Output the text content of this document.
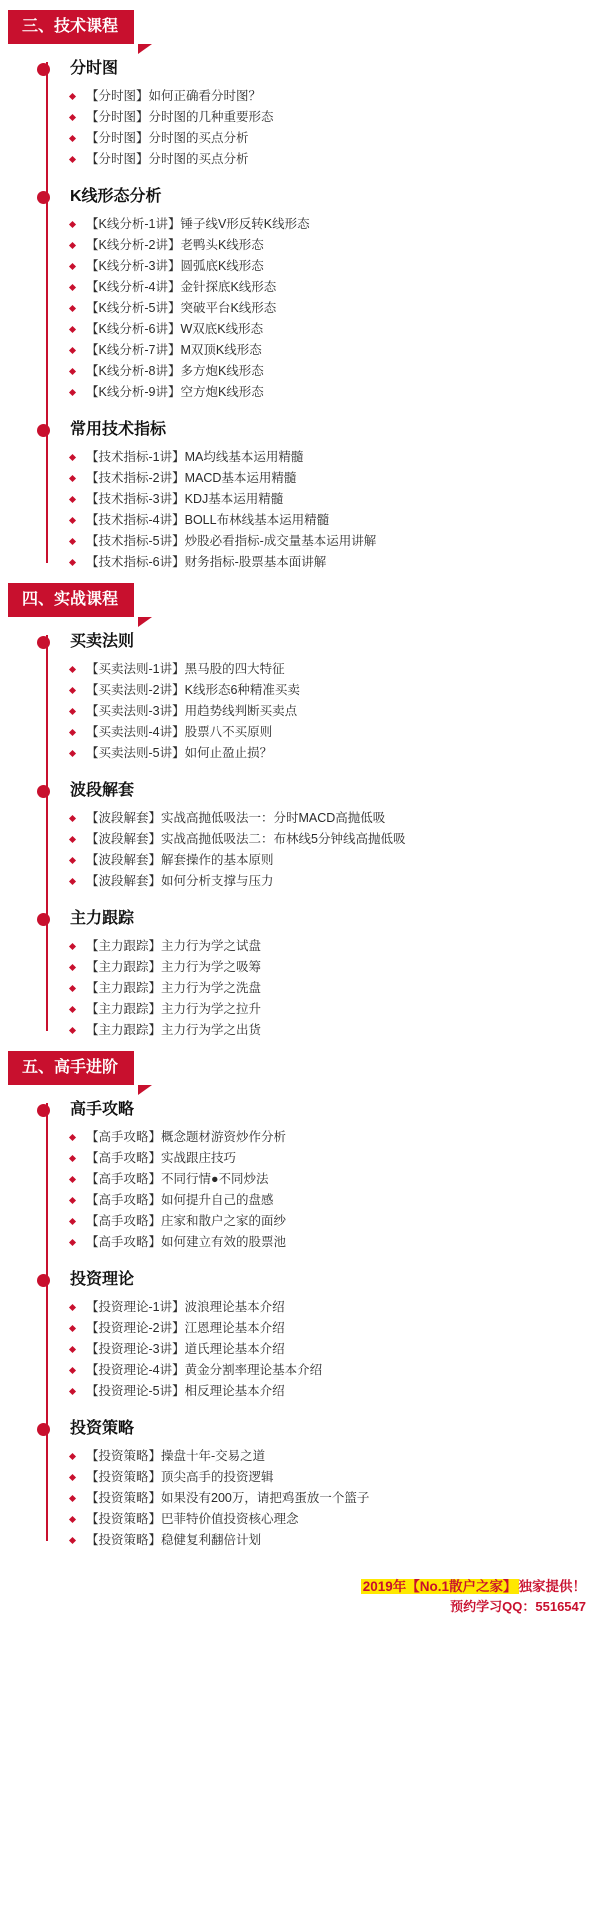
三、技术课程
分时图
【分时图】如何正确看分时图？
【分时图】分时图的几种重要形态
【分时图】分时图的买点分析
【分时图】分时图的买点分析
K线形态分析
【K线分析-1讲】锤子线V形反转K线形态
【K线分析-2讲】老鸭头K线形态
【K线分析-3讲】圆弧底K线形态
【K线分析-4讲】金针探底K线形态
【K线分析-5讲】突破平台K线形态
【K线分析-6讲】W双底K线形态
【K线分析-7讲】M双顶K线形态
【K线分析-8讲】多方炮K线形态
【K线分析-9讲】空方炮K线形态
常用技术指标
【技术指标-1讲】MA均线基本运用精髓
【技术指标-2讲】MACD基本运用精髓
【技术指标-3讲】KDJ基本运用精髓
【技术指标-4讲】BOLL布林线基本运用精髓
【技术指标-5讲】炒股必看指标-成交量基本运用讲解
【技术指标-6讲】财务指标-股票基本面讲解
四、实战课程
买卖法则
【买卖法则-1讲】黑马股的四大特征
【买卖法则-2讲】K线形态6种精准买卖
【买卖法则-3讲】用趋势线判断买卖点
【买卖法则-4讲】股票八不买原则
【买卖法则-5讲】如何止盈止损？
波段解套
【波段解套】实战高抛低吸法一：分时MACD高抛低吸
【波段解套】实战高抛低吸法二：布林线5分钟线高抛低吸
【波段解套】解套操作的基本原则
【波段解套】如何分析支撑与压力
主力跟踪
【主力跟踪】主力行为学之试盘
【主力跟踪】主力行为学之吸筹
【主力跟踪】主力行为学之洗盘
【主力跟踪】主力行为学之拉升
【主力跟踪】主力行为学之出货
五、高手进阶
高手攻略
【高手攻略】概念题材游资炒作分析
【高手攻略】实战跟庄技巧
【高手攻略】不同行情●不同炒法
【高手攻略】如何提升自己的盘感
【高手攻略】庄家和散户之家的面纱
【高手攻略】如何建立有效的股票池
投资理论
【投资理论-1讲】波浪理论基本介绍
【投资理论-2讲】江恩理论基本介绍
【投资理论-3讲】道氏理论基本介绍
【投资理论-4讲】黄金分割率理论基本介绍
【投资理论-5讲】相反理论基本介绍
投资策略
【投资策略】操盘十年-交易之道
【投资策略】顶尖高手的投资逻辑
【投资策略】如果没有200万，请把鸡蛋放一个篮子
【投资策略】巴菲特价值投资核心理念
【投资策略】稳健复利翻倍计划
2019年【No.1散户之家】 独家提供！
预约学习QQ：5516547
